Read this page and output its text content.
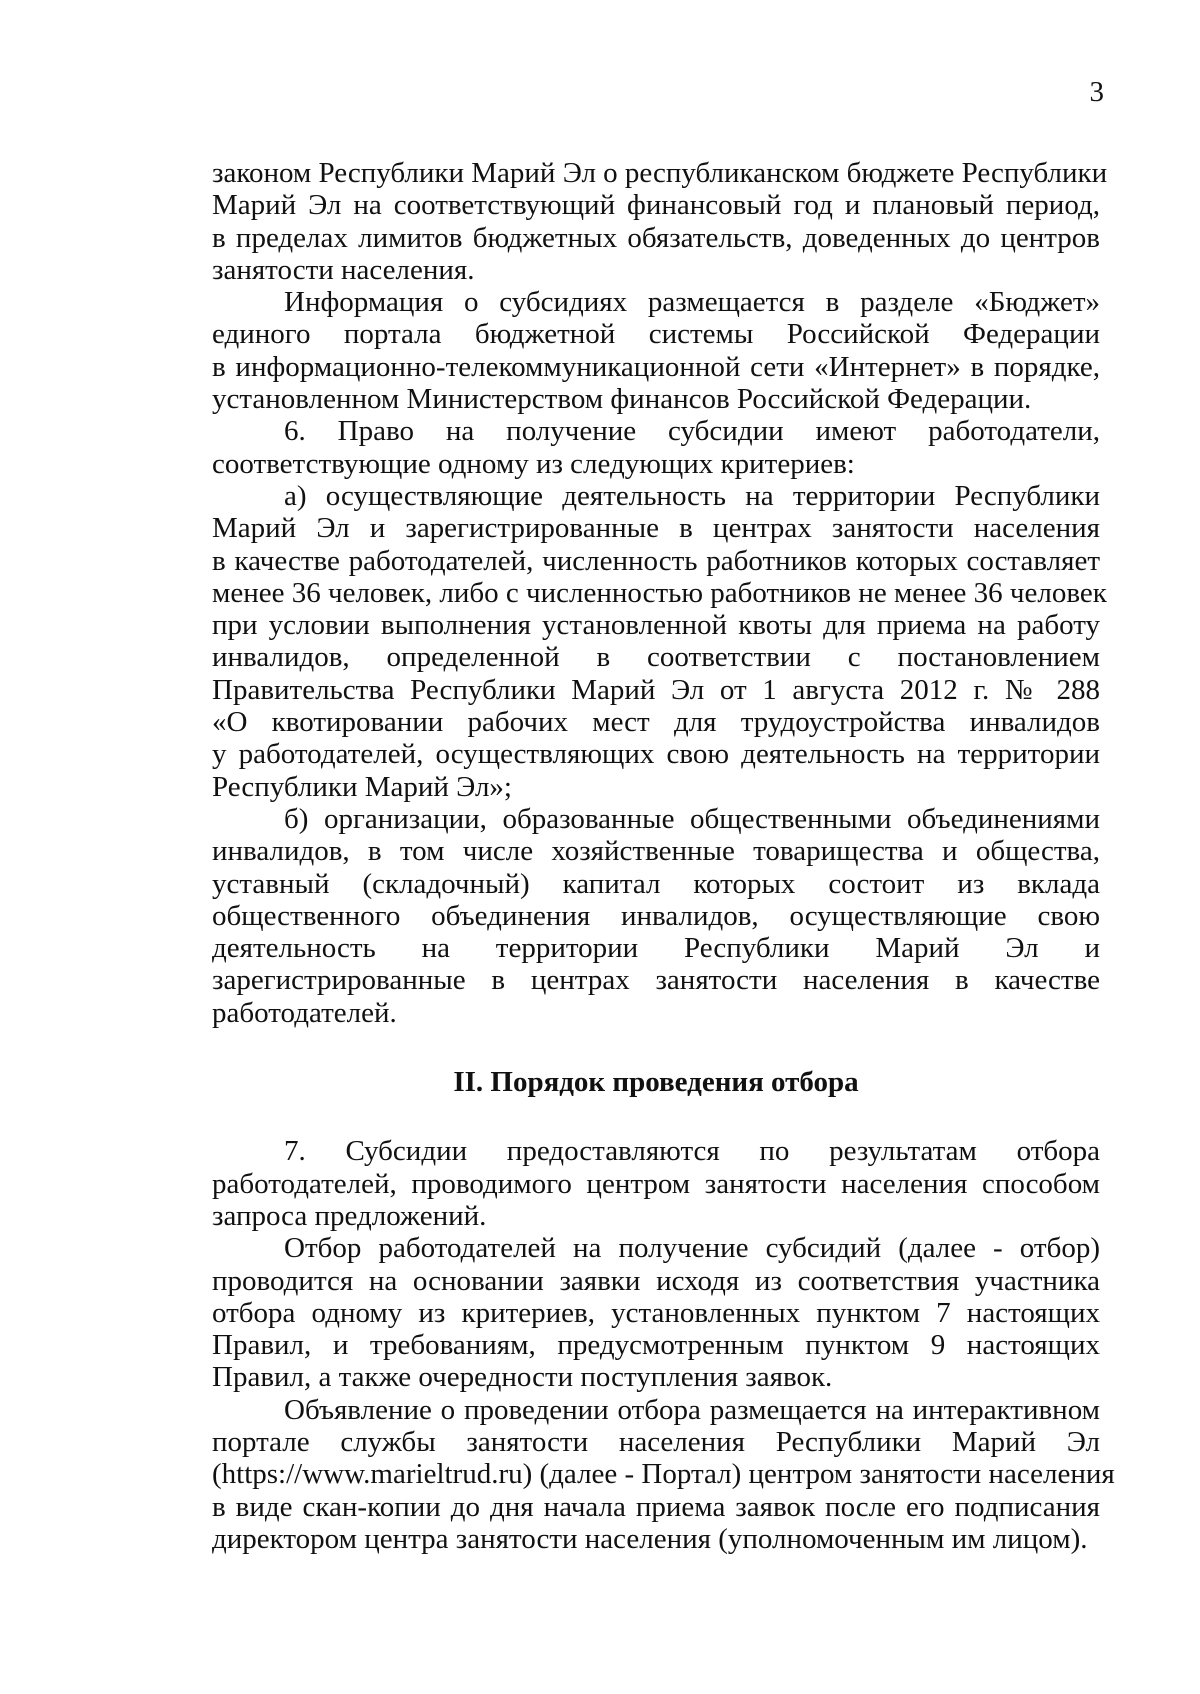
3
законом Республики Марий Эл о республиканском бюджете Республики
Марий Эл на соответствующий финансовый год и плановый период,
в пределах лимитов бюджетных обязательств, доведенных до центров
занятости населения.
Информация о субсидиях размещается в разделе «Бюджет»
единого портала бюджетной системы Российской Федерации
в информационно-телекоммуникационной сети «Интернет» в порядке,
установленном Министерством финансов Российской Федерации.
6. Право на получение субсидии имеют работодатели,
соответствующие одному из следующих критериев:
а) осуществляющие деятельность на территории Республики
Марий Эл и зарегистрированные в центрах занятости населения
в качестве работодателей, численность работников которых составляет
менее 36 человек, либо с численностью работников не менее 36 человек
при условии выполнения установленной квоты для приема на работу
инвалидов, определенной в соответствии с постановлением
Правительства Республики Марий Эл от 1 августа 2012 г. № 288
«О квотировании рабочих мест для трудоустройства инвалидов
у работодателей, осуществляющих свою деятельность на территории
Республики Марий Эл»;
б) организации, образованные общественными объединениями
инвалидов, в том числе хозяйственные товарищества и общества,
уставный (складочный) капитал которых состоит из вклада
общественного объединения инвалидов, осуществляющие свою
деятельность на территории Республики Марий Эл и
зарегистрированные в центрах занятости населения в качестве
работодателей.
II. Порядок проведения отбора
7. Субсидии предоставляются по результатам отбора
работодателей, проводимого центром занятости населения способом
запроса предложений.
Отбор работодателей на получение субсидий (далее - отбор)
проводится на основании заявки исходя из соответствия участника
отбора одному из критериев, установленных пунктом 7 настоящих
Правил, и требованиям, предусмотренным пунктом 9 настоящих
Правил, а также очередности поступления заявок.
Объявление о проведении отбора размещается на интерактивном
портале службы занятости населения Республики Марий Эл
(https://www.marieltrud.ru) (далее - Портал) центром занятости населения
в виде скан-копии до дня начала приема заявок после его подписания
директором центра занятости населения (уполномоченным им лицом).
